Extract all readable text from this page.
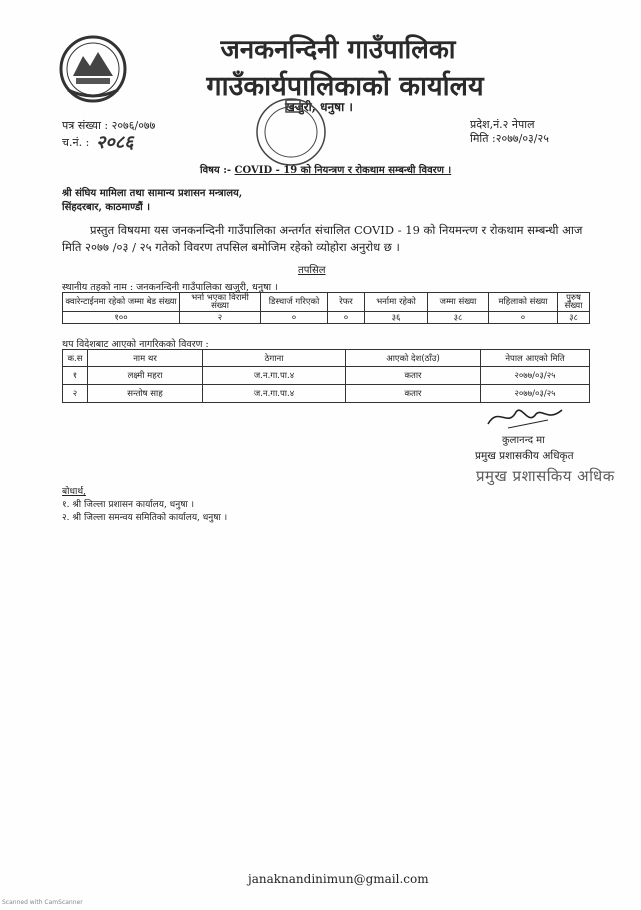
जनकनन्दिनी गाउँपालिका
गाउँकार्यपालिकाको कार्यालय
खजुरी, धनुषा ।
पत्र संख्या : २०७६/०७७
च.नं. : २०८६
प्रदेश,नं.२ नेपाल
मिति :२०७७/०३/२५
विषय :- COVID - 19 को नियन्त्रण र रोकथाम सम्बन्धी विवरण ।
श्री संघिय मामिला तथा सामान्य प्रशासन मन्त्रालय,
सिंहदरबार, काठमाण्डौं ।
प्रस्तुत विषयमा यस जनकनन्दिनी गाउँपालिका अन्तर्गत संचालित COVID - 19 को नियमन्त्ण र रोकथाम सम्बन्धी आज
मिति २०७७ /०३ / २५ गतेको विवरण तपसिल बमोजिम रहेको व्योहोरा अनुरोध छ ।
तपसिल
स्थानीय तहको नाम : जनकनन्दिनी गाउँपालिका खजुरी, धनुषा ।
क्वारेन्टाईनमा रहेको जम्मा बेड संख्या	भर्ना भएका विरामी संख्या	डिस्चार्ज गरिएको	रेफर	भर्नामा रहेको	जम्मा संख्या	महिलाको संख्या	पुरुष संख्या
१००	२	०	०	३६	३८	०	३८
थप विदेशबाट आएको नागरिकको विवरण :
क.स	नाम थर	ठेगाना	आएको देश(ठाँउ)	नेपाल आएको मिति
१	लक्ष्मी महरा	ज.न.गा.पा.४	कतार	२०७७/०३/२५
२	सन्तोष साह	ज.न.गा.पा.४	कतार	२०७७/०३/२५
कुलानन्द मा
प्रमुख प्रशासकीय अधिकृत
प्रमुख प्रशासकिय अधिक
बोधार्थ,
१. श्री जिल्ला प्रशासन कार्यालय, धनुषा ।
२. श्री जिल्ला समन्वय समितिको कार्यालय, धनुषा ।
janaknandinimun@gmail.com
Scanned with CamScanner
